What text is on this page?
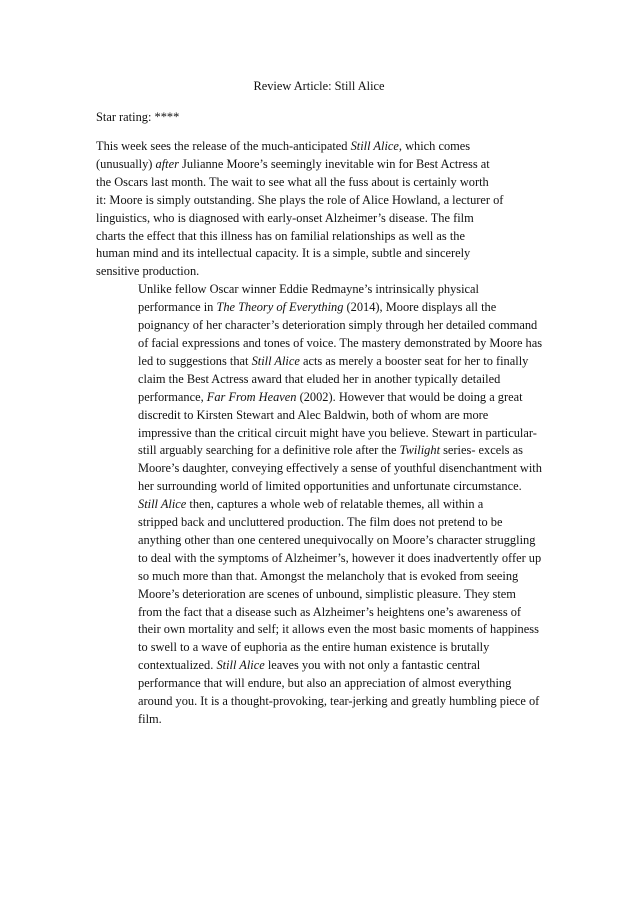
Review Article: Still Alice
Star rating: ****

This week sees the release of the much-anticipated Still Alice, which comes
(unusually) after Julianne Moore’s seemingly inevitable win for Best Actress at
the Oscars last month. The wait to see what all the fuss about is certainly worth
it: Moore is simply outstanding. She plays the role of Alice Howland, a lecturer of
linguistics, who is diagnosed with early-onset Alzheimer’s disease. The film
charts the effect that this illness has on familial relationships as well as the
human mind and its intellectual capacity. It is a simple, subtle and sincerely
sensitive production.

Unlike fellow Oscar winner Eddie Redmayne’s intrinsically physical
performance in The Theory of Everything (2014), Moore displays all the
poignancy of her character’s deterioration simply through her detailed command
of facial expressions and tones of voice. The mastery demonstrated by Moore has
led to suggestions that Still Alice acts as merely a booster seat for her to finally
claim the Best Actress award that eluded her in another typically detailed
performance, Far From Heaven (2002). However that would be doing a great
discredit to Kirsten Stewart and Alec Baldwin, both of whom are more
impressive than the critical circuit might have you believe. Stewart in particular-
still arguably searching for a definitive role after the Twilight series- excels as
Moore’s daughter, conveying effectively a sense of youthful disenchantment with
her surrounding world of limited opportunities and unfortunate circumstance.

Still Alice then, captures a whole web of relatable themes, all within a
stripped back and uncluttered production. The film does not pretend to be
anything other than one centered unequivocally on Moore’s character struggling
to deal with the symptoms of Alzheimer’s, however it does inadvertently offer up
so much more than that. Amongst the melancholy that is evoked from seeing
Moore’s deterioration are scenes of unbound, simplistic pleasure. They stem
from the fact that a disease such as Alzheimer’s heightens one’s awareness of
their own mortality and self; it allows even the most basic moments of happiness
to swell to a wave of euphoria as the entire human existence is brutally
contextualized. Still Alice leaves you with not only a fantastic central
performance that will endure, but also an appreciation of almost everything
around you. It is a thought-provoking, tear-jerking and greatly humbling piece of
film.
